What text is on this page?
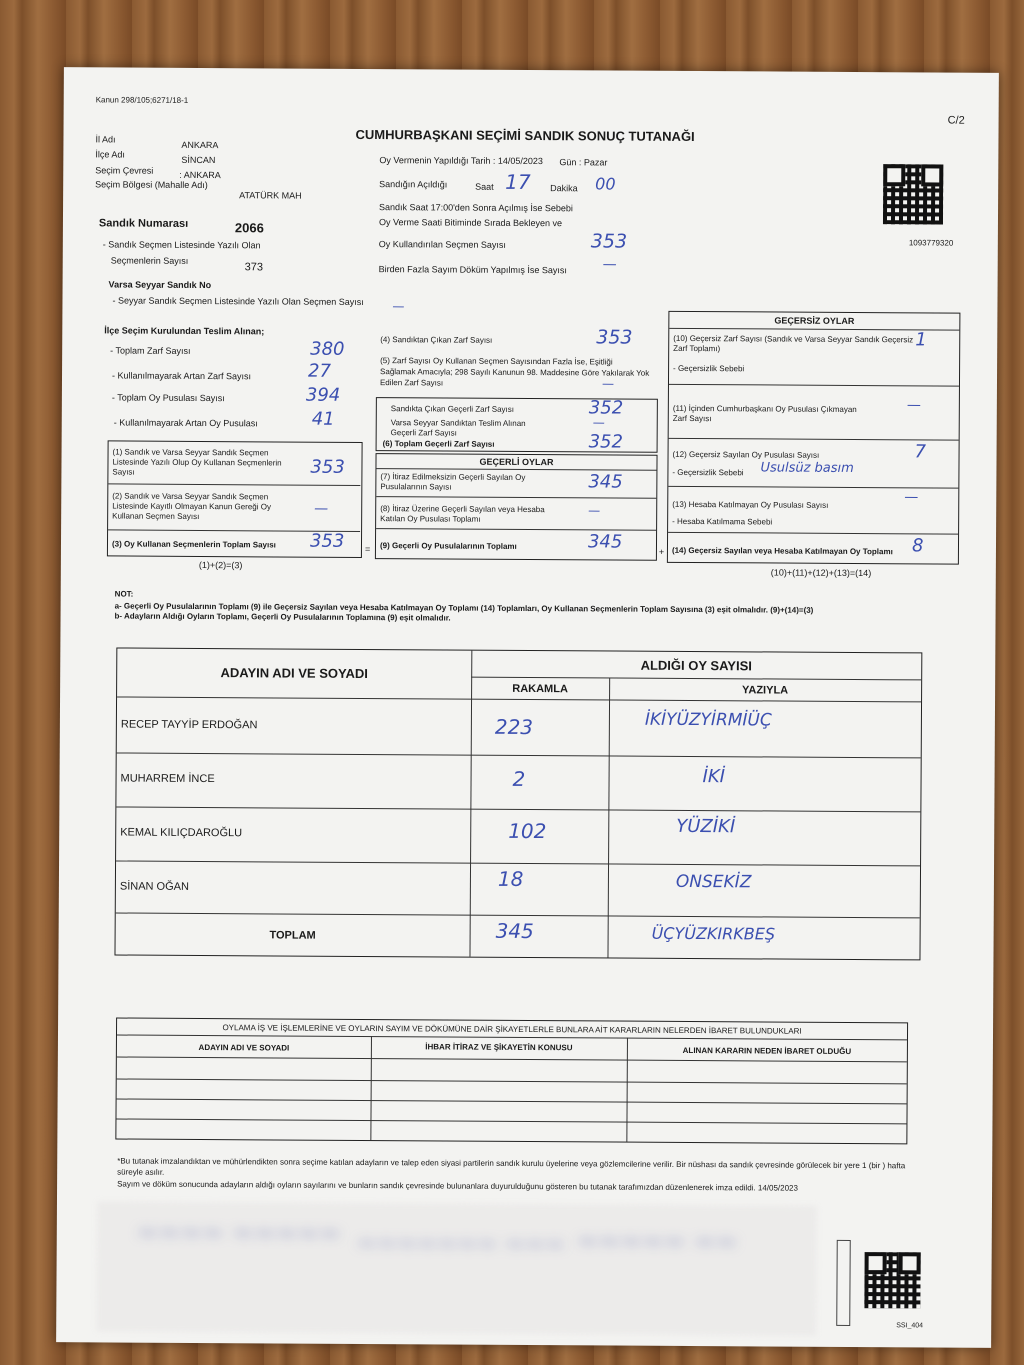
Kanun 298/105;6271/18-1
C/2
CUMHURBAŞKANI SEÇİMİ SANDIK SONUÇ TUTANAĞI
1093779320
İl Adı
ANKARA
İlçe Adı
SİNCAN
Seçim Çevresi	: ANKARA
Seçim Bölgesi (Mahalle Adı)
ATATÜRK MAH
Oy Vermenin Yapıldığı Tarih : 14/05/2023 Gün : Pazar
Sandığın Açıldığı	Saat 17 Dakika 00
Sandık Saat 17:00'den Sonra Açılmış İse Sebebi
Oy Verme Saati Bitiminde Sırada Bekleyen ve
Oy Kullandırılan Seçmen Sayısı	353
Birden Fazla Sayım Döküm Yapılmış İse Sayısı	—
Sandık Numarası	2066
- Sandık Seçmen Listesinde Yazılı Olan
Seçmenlerin Sayısı
373
Varsa Seyyar Sandık No
- Seyyar Sandık Seçmen Listesinde Yazılı Olan Seçmen Sayısı —
İlçe Seçim Kurulundan Teslim Alınan;
- Toplam Zarf Sayısı	380
- Kullanılmayarak Artan Zarf Sayısı	27
- Toplam Oy Pusulası Sayısı	394
- Kullanılmayarak Artan Oy Pusulası	41
(1) Sandık ve Varsa Seyyar Sandık Seçmen Listesinde Yazılı Olup Oy Kullanan Seçmenlerin Sayısı	353
(2) Sandık ve Varsa Seyyar Sandık Seçmen Listesinde Kayıtlı Olmayan Kanun Gereği Oy Kullanan Seçmen Sayısı	—
(3) Oy Kullanan Seçmenlerin Toplam Sayısı 353
(1)+(2)=(3)
=
(4) Sandıktan Çıkan Zarf Sayısı	353
(5) Zarf Sayısı Oy Kullanan Seçmen Sayısından Fazla İse, Eşitliği Sağlamak Amacıyla; 298 Sayılı Kanunun 98. Maddesine Göre Yakılarak Yok Edilen Zarf Sayısı	—
Sandıkta Çıkan Geçerli Zarf Sayısı	352
Varsa Seyyar Sandıktan Teslim Alınan Geçerli Zarf Sayısı
—
(6) Toplam Geçerli Zarf Sayısı	352
GEÇERLİ OYLAR
(7) İtiraz Edilmeksizin Geçerli Sayılan Oy Pusulalarının Sayısı	345
(8) İtiraz Üzerine Geçerli Sayılan veya Hesaba Katılan Oy Pusulası Toplamı
—
(9) Geçerli Oy Pusulalarının Toplamı	345	+
GEÇERSİZ OYLAR
(10) Geçersiz Zarf Sayısı (Sandık ve Varsa Seyyar Sandık Geçersiz Zarf Toplamı)	1
- Geçersizlik Sebebi
(11) İçinden Cumhurbaşkanı Oy Pusulası Çıkmayan Zarf Sayısı
—
(12) Geçersiz Sayılan Oy Pusulası Sayısı	7
- Geçersizlik Sebebi Usulsüz basım
(13) Hesaba Katılmayan Oy Pusulası Sayısı	—
- Hesaba Katılmama Sebebi
(14) Geçersiz Sayılan veya Hesaba Katılmayan Oy Toplamı 8
(10)+(11)+(12)+(13)=(14)
NOT:
a- Geçerli Oy Pusulalarının Toplamı (9) ile Geçersiz Sayılan veya Hesaba Katılmayan Oy Toplamı (14) Toplamları, Oy Kullanan Seçmenlerin Toplam Sayısına (3) eşit olmalıdır. (9)+(14)=(3)
b- Adayların Aldığı Oyların Toplamı, Geçerli Oy Pusulalarının Toplamına (9) eşit olmalıdır.
ADAYIN ADI VE SOYADI	ALDIĞI OY SAYISI
RAKAMLA	YAZIYLA
RECEP TAYYİP ERDOĞAN	223	İKİYÜZYİRMİÜÇ
MUHARREM İNCE	2	İKİ
KEMAL KILIÇDAROĞLU	102	YÜZİKİ
SİNAN OĞAN	18	ONSEKİZ
TOPLAM	345	ÜÇYÜZKIRKBEŞ
OYLAMA İŞ VE İŞLEMLERİNE VE OYLARIN SAYIM VE DÖKÜMÜNE DAİR ŞİKAYETLERLE BUNLARA AİT KARARLARIN NELERDEN İBARET BULUNDUKLARI
ADAYIN ADI VE SOYADI	İHBAR İTİRAZ VE ŞİKAYETİN KONUSU	ALINAN KARARIN NEDEN İBARET OLDUĞU
*Bu tutanak imzalandıktan ve mühürlendikten sonra seçime katılan adayların ve talep eden siyasi partilerin sandık kurulu üyelerine veya gözlemcilerine verilir. Bir nüshası da sandık çevresinde görülecek bir yere 1 (bir ) hafta süreyle asılır.
Sayım ve döküm sonucunda adayların aldığı oyların sayılarını ve bunların sandık çevresinde bulunanlara duyurulduğunu gösteren bu tutanak tarafımızdan düzenlenerek imza edildi. 14/05/2023
~~~~ ~~~~~ ~~~~~~~ ~~~ ~~~~~ ~~
SSI_404
